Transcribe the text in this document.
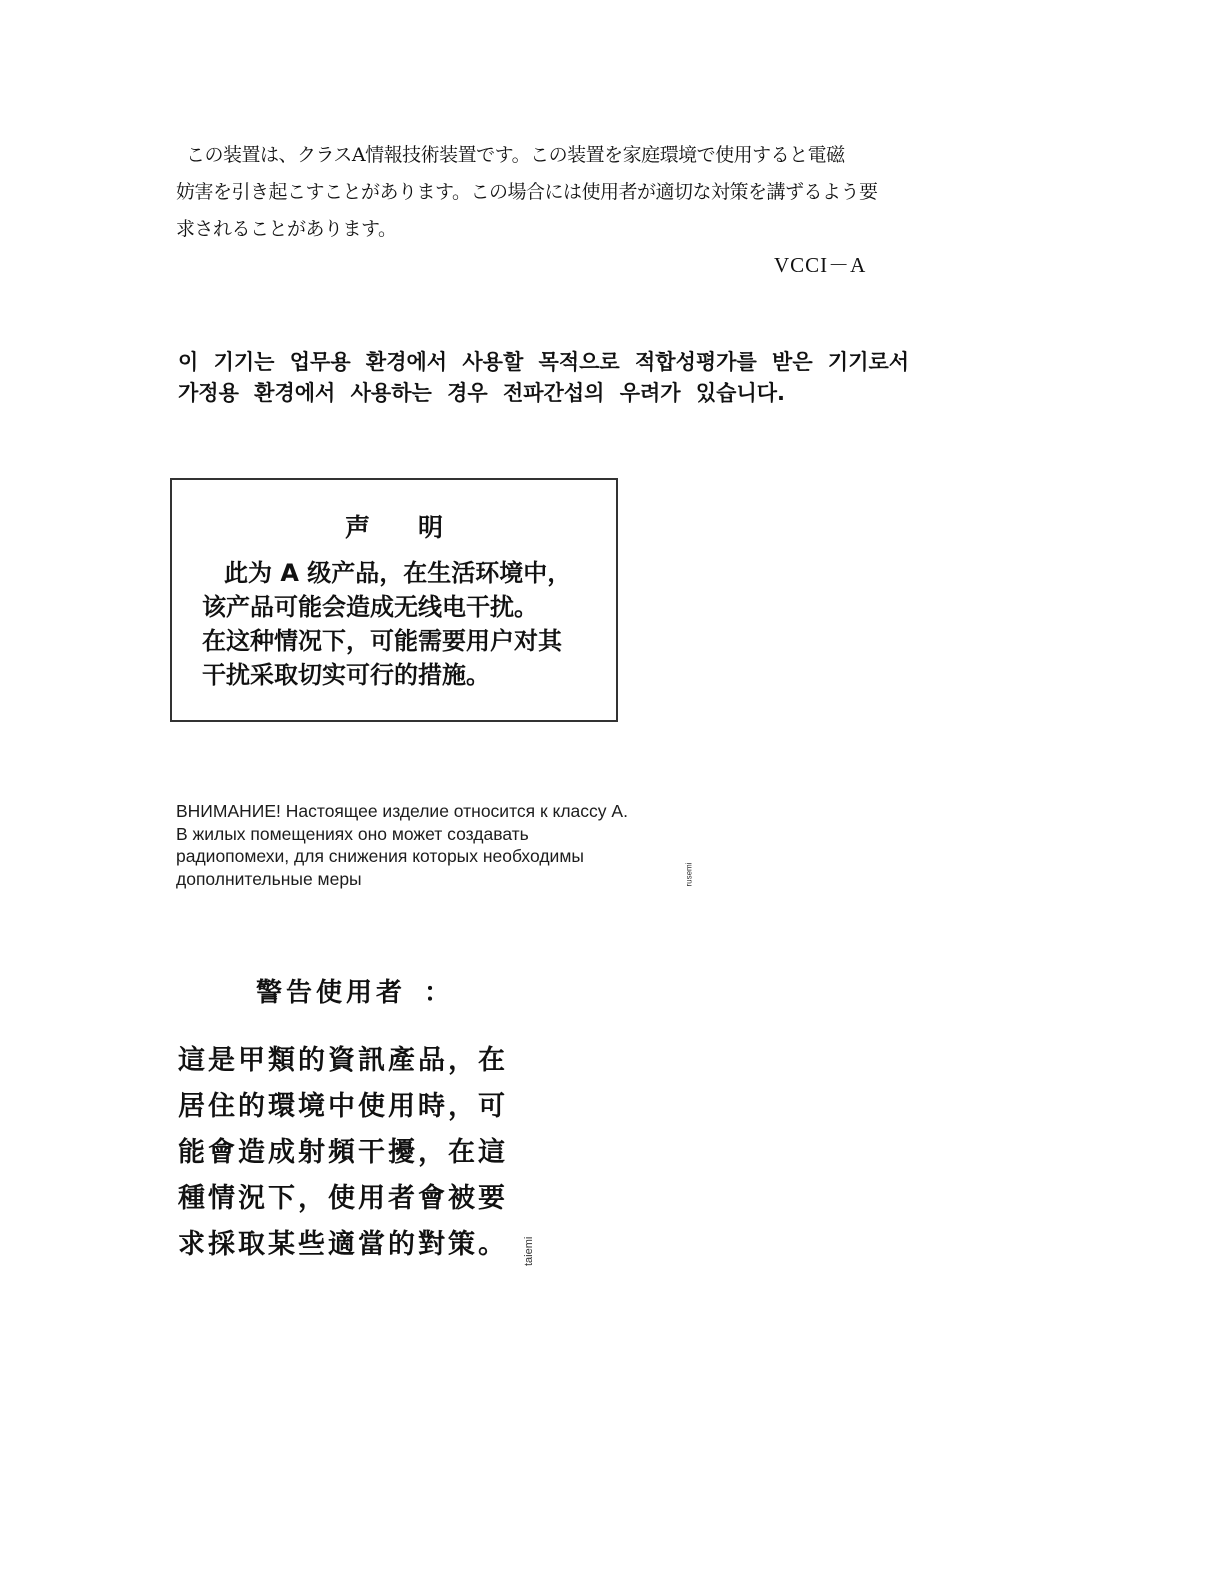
この装置は、クラスA情報技術装置です。この装置を家庭環境で使用すると電磁
妨害を引き起こすことがあります。この場合には使用者が適切な対策を講ずるよう要
求されることがあります。
VCCI－A
이 기기는 업무용 환경에서 사용할 목적으로 적합성평가를 받은 기기로서
가정용 환경에서 사용하는 경우 전파간섭의 우려가 있습니다.
声明
此为 A 级产品，在生活环境中，
该产品可能会造成无线电干扰。
在这种情况下，可能需要用户对其
干扰采取切实可行的措施。
ВНИМАНИЕ! Настоящее изделие относится к классу А.
В жилых помещениях оно может создавать
радиопомехи, для снижения которых необходимы
дополнительные меры	rusemi
警告使用者 ：
這是甲類的資訊產品，在
居住的環境中使用時，可
能會造成射頻干擾，在這
種情況下，使用者會被要
求採取某些適當的對策。 taiemi
